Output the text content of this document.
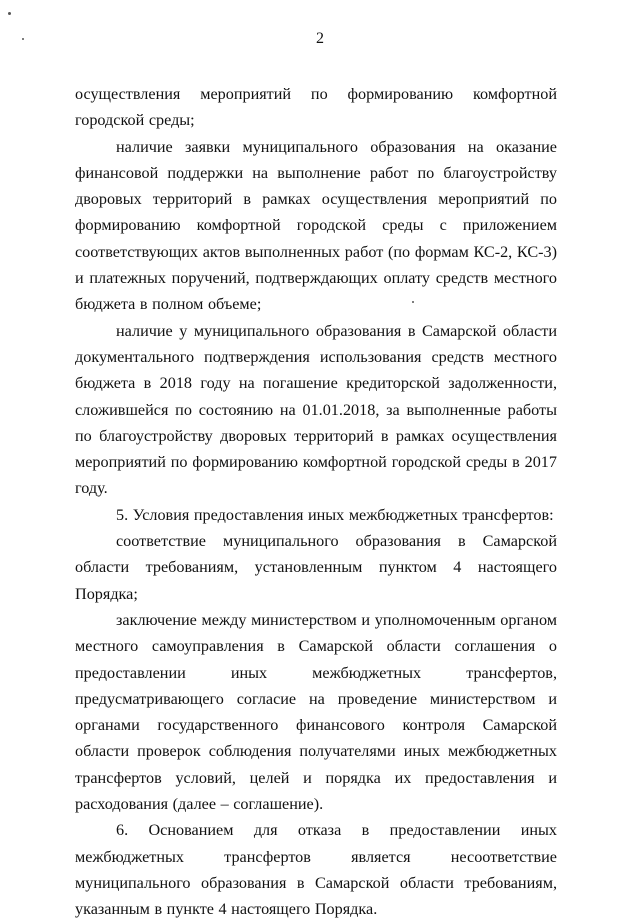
2

осуществления мероприятий по формированию комфортной городской среды;

наличие заявки муниципального образования на оказание финансовой поддержки на выполнение работ по благоустройству дворовых территорий в рамках осуществления мероприятий по формированию комфортной городской среды с приложением соответствующих актов выполненных работ (по формам КС-2, КС-3) и платежных поручений, подтверждающих оплату средств местного бюджета в полном объеме;

наличие у муниципального образования в Самарской области документального подтверждения использования средств местного бюджета в 2018 году на погашение кредиторской задолженности, сложившейся по состоянию на 01.01.2018, за выполненные работы по благоустройству дворовых территорий в рамках осуществления мероприятий по формированию комфортной городской среды в 2017 году.

5. Условия предоставления иных межбюджетных трансфертов:

соответствие муниципального образования в Самарской области требованиям, установленным пунктом 4 настоящего Порядка;

заключение между министерством и уполномоченным органом местного самоуправления в Самарской области соглашения о предоставлении иных межбюджетных трансфертов, предусматривающего согласие на проведение министерством и органами государственного финансового контроля Самарской области проверок соблюдения получателями иных межбюджетных трансфертов условий, целей и порядка их предоставления и расходования (далее – соглашение).

6. Основанием для отказа в предоставлении иных межбюджетных трансфертов является несоответствие муниципального образования в Самарской области требованиям, указанным в пункте 4 настоящего Порядка.
